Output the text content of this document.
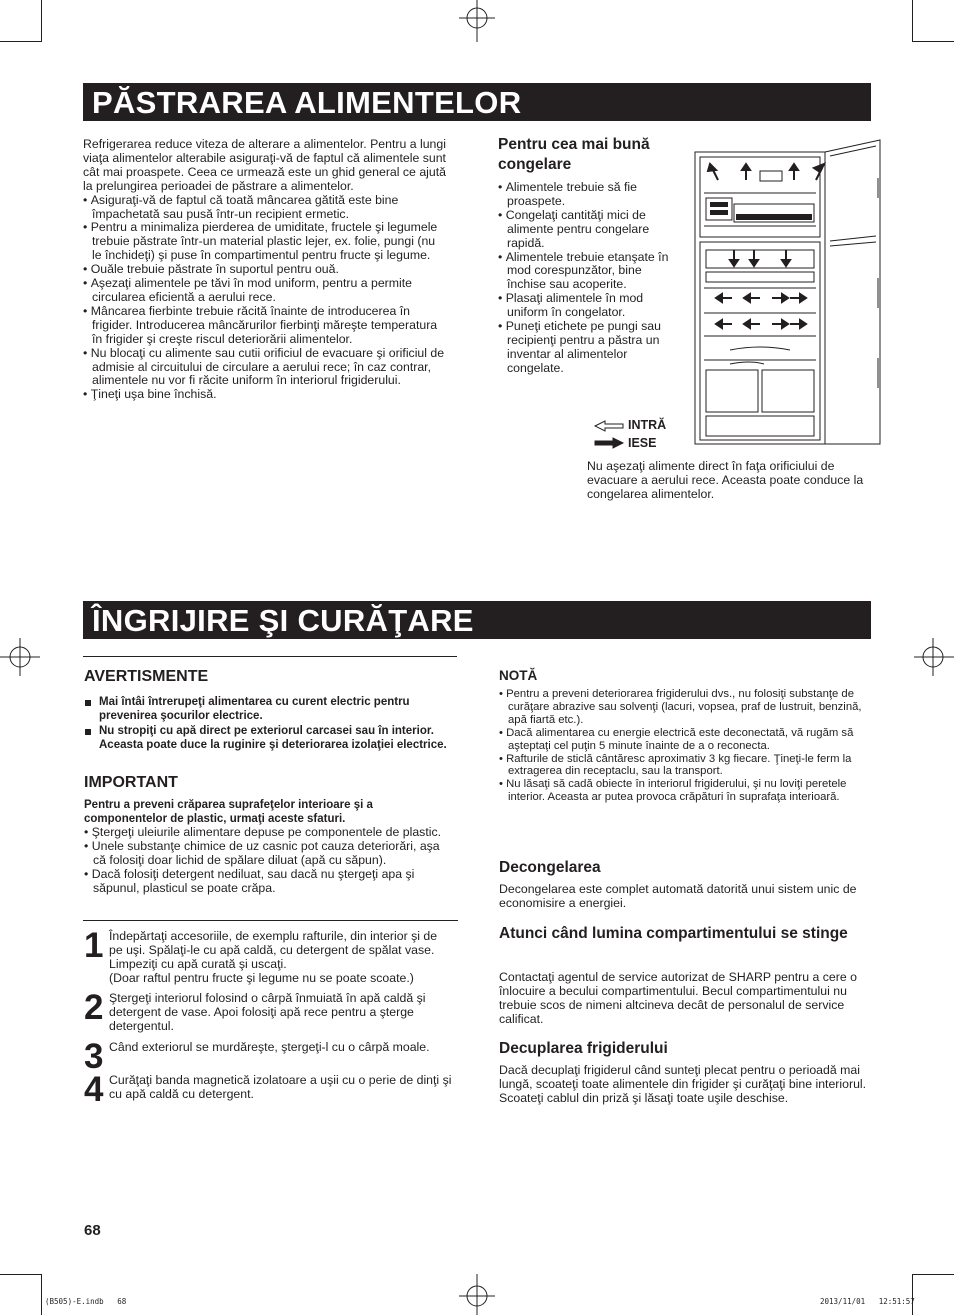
PĂSTRAREA ALIMENTELOR
Refrigerarea reduce viteza de alterare a alimentelor. Pentru a lungi viaţa alimentelor alterabile asiguraţi-vă de faptul că alimentele sunt cât mai proaspete. Ceea ce urmează este un ghid general ce ajută la prelungirea perioadei de păstrare a alimentelor.
• Asiguraţi-vă de faptul că toată mâncarea gătită este bine împachetată sau pusă într-un recipient ermetic.
• Pentru a minimaliza pierderea de umiditate, fructele şi legumele trebuie păstrate într-un material plastic lejer, ex. folie, pungi (nu le închideţi) şi puse în compartimentul pentru fructe şi legume.
• Ouăle trebuie păstrate în suportul pentru ouă.
• Aşezaţi alimentele pe tăvi în mod uniform, pentru a permite circularea eficientă a aerului rece.
• Mâncarea fierbinte trebuie răcită înainte de introducerea în frigider. Introducerea mâncărurilor fierbinţi măreşte temperatura în frigider şi creşte riscul deteriorării alimentelor.
• Nu blocaţi cu alimente sau cutii orificiul de evacuare şi orificiul de admisie al circuitului de circulare a aerului rece; în caz contrar, alimentele nu vor fi răcite uniform în interiorul frigiderului.
• Ţineţi uşa bine închisă.
Pentru cea mai bună congelare
• Alimentele trebuie să fie proaspete.
• Congelaţi cantităţi mici de alimente pentru congelare rapidă.
• Alimentele trebuie etanşate în mod corespunzător, bine închise sau acoperite.
• Plasaţi alimentele în mod uniform în congelator.
• Puneţi etichete pe pungi sau recipienţi pentru a păstra un inventar al alimentelor congelate.
INTRĂ
IESE
Nu aşezaţi alimente direct în faţa orificiului de evacuare a aerului rece. Aceasta poate conduce la congelarea alimentelor.
ÎNGRIJIRE ŞI CURĂŢARE
AVERTISMENTE
Mai întâi întrerupeţi alimentarea cu curent electric pentru prevenirea şocurilor electrice.
Nu stropiţi cu apă direct pe exteriorul carcasei sau în interior. Aceasta poate duce la ruginire şi deteriorarea izolaţiei electrice.
IMPORTANT
Pentru a preveni crăparea suprafeţelor interioare şi a componentelor de plastic, urmaţi aceste sfaturi.
• Ştergeţi uleiurile alimentare depuse pe componentele de plastic.
• Unele substanţe chimice de uz casnic pot cauza deteriorări, aşa că folosiţi doar lichid de spălare diluat (apă cu săpun).
• Dacă folosiţi detergent nediluat, sau dacă nu ştergeţi apa şi săpunul, plasticul se poate crăpa.
1 Îndepărtaţi accesoriile, de exemplu rafturile, din interior şi de pe uşi. Spălaţi-le cu apă caldă, cu detergent de spălat vase. Limpeziţi cu apă curată şi uscaţi.
(Doar raftul pentru fructe şi legume nu se poate scoate.)
2 Ştergeţi interiorul folosind o cârpă înmuiată în apă caldă şi detergent de vase. Apoi folosiţi apă rece pentru a şterge detergentul.
3 Când exteriorul se murdăreşte, ştergeţi-l cu o cârpă moale.
4 Curăţaţi banda magnetică izolatoare a uşii cu o perie de dinţi şi cu apă caldă cu detergent.
NOTĂ
• Pentru a preveni deteriorarea frigiderului dvs., nu folosiţi substanţe de curăţare abrazive sau solvenţi (lacuri, vopsea, praf de lustruit, benzină, apă fiartă etc.).
• Dacă alimentarea cu energie electrică este deconectată, vă rugăm să aşteptaţi cel puţin 5 minute înainte de a o reconecta.
• Rafturile de sticlă cântăresc aproximativ 3 kg fiecare. Ţineţi-le ferm la extragerea din receptaclu, sau la transport.
• Nu lăsaţi să cadă obiecte în interiorul frigiderului, şi nu loviţi peretele interior. Aceasta ar putea provoca crăpături în suprafaţa interioară.
Decongelarea
Decongelarea este complet automată datorită unui sistem unic de economisire a energiei.
Atunci când lumina compartimentului se stinge
Contactaţi agentul de service autorizat de SHARP pentru a cere o înlocuire a becului compartimentului. Becul compartimentului nu trebuie scos de nimeni altcineva decât de personalul de service calificat.
Decuplarea frigiderului
Dacă decuplaţi frigiderul când sunteţi plecat pentru o perioadă mai lungă, scoateţi toate alimentele din frigider şi curăţaţi bine interiorul. Scoateţi cablul din priză şi lăsaţi toate uşile deschise.
68
(B505)-E.indb   68	2013/11/01   12:51:57
